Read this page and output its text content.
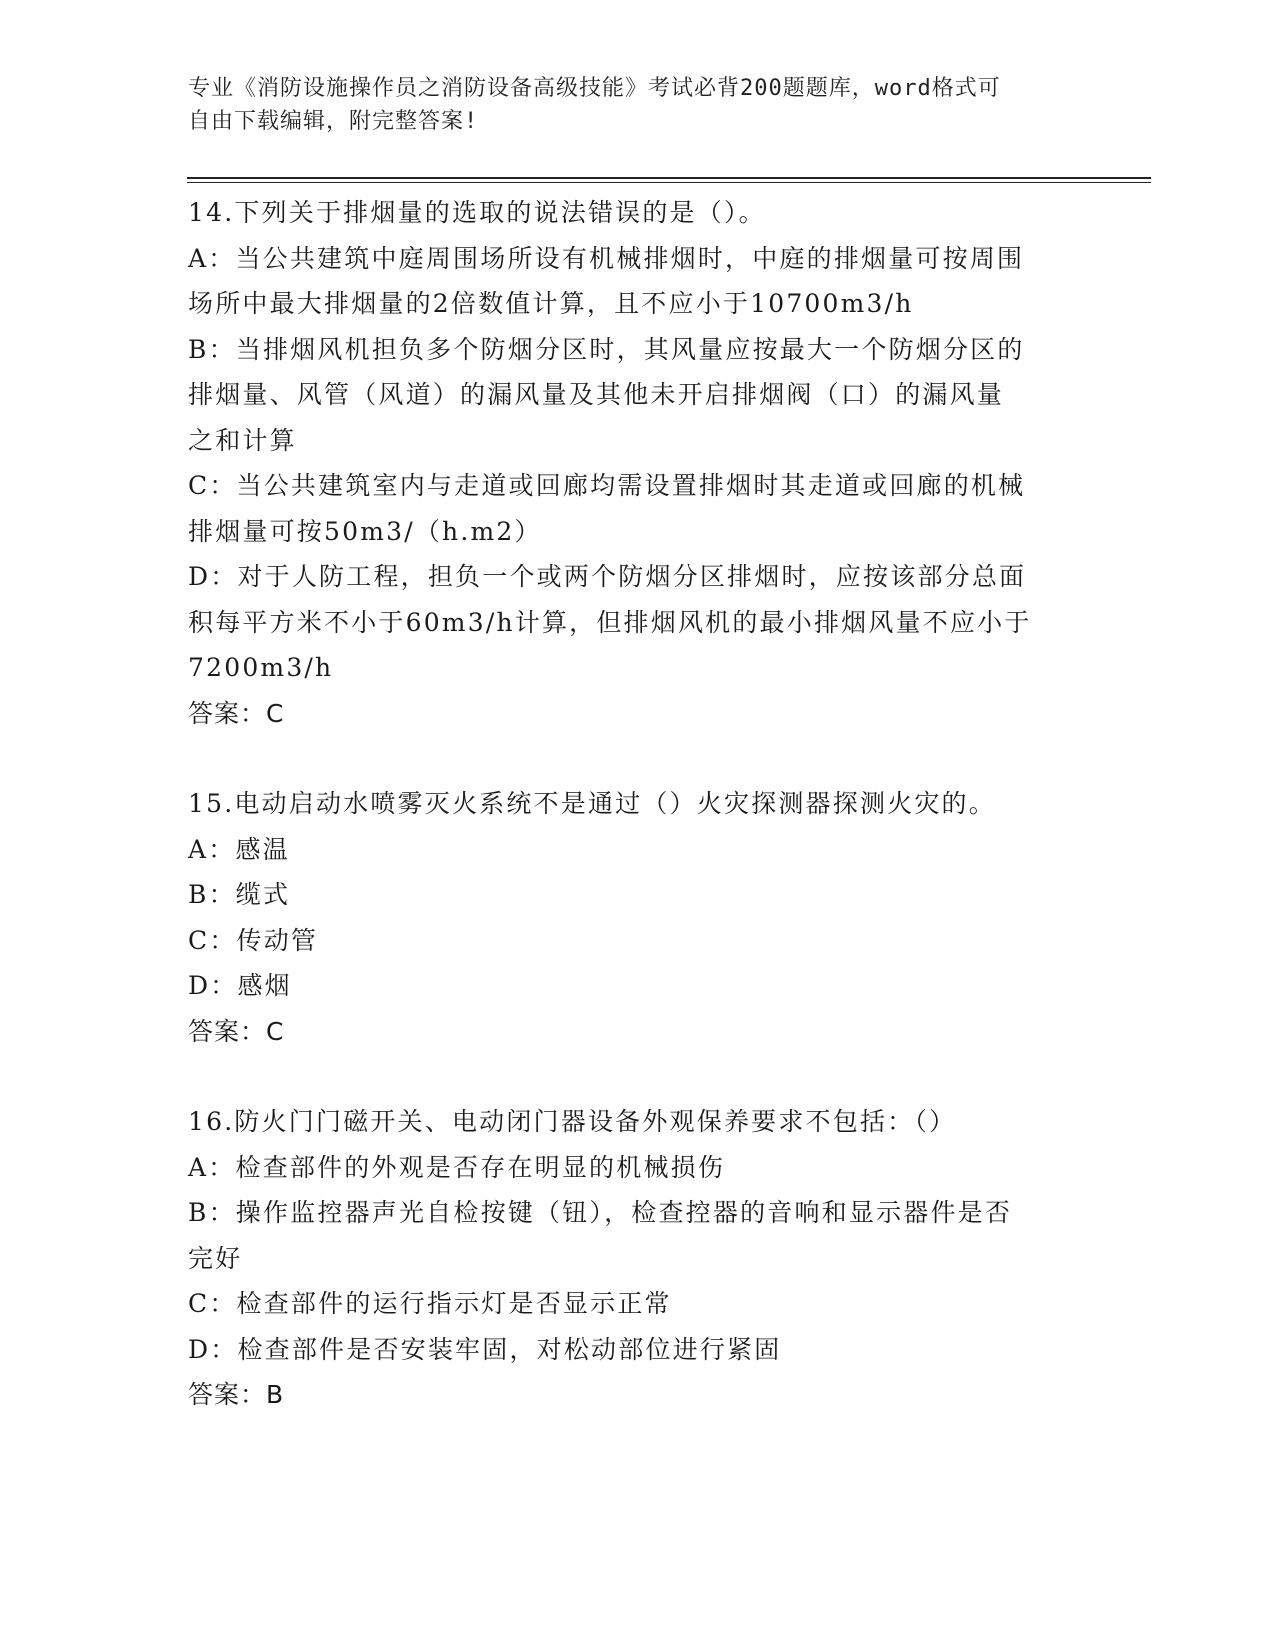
专业《消防设施操作员之消防设备高级技能》考试必背200题题库，word格式可
自由下载编辑，附完整答案!
14.下列关于排烟量的选取的说法错误的是（）。
A：当公共建筑中庭周围场所设有机械排烟时，中庭的排烟量可按周围
场所中最大排烟量的2倍数值计算，且不应小于10700m3/h
B：当排烟风机担负多个防烟分区时，其风量应按最大一个防烟分区的
排烟量、风管（风道）的漏风量及其他未开启排烟阀（口）的漏风量
之和计算
C：当公共建筑室内与走道或回廊均需设置排烟时其走道或回廊的机械
排烟量可按50m3/（h.m2）
D：对于人防工程，担负一个或两个防烟分区排烟时，应按该部分总面
积每平方米不小于60m3/h计算，但排烟风机的最小排烟风量不应小于
7200m3/h
答案：C
15.电动启动水喷雾灭火系统不是通过（）火灾探测器探测火灾的。
A：感温
B：缆式
C：传动管
D：感烟
答案：C
16.防火门门磁开关、电动闭门器设备外观保养要求不包括：（）
A：检查部件的外观是否存在明显的机械损伤
B：操作监控器声光自检按键（钮），检查控器的音响和显示器件是否
完好
C：检查部件的运行指示灯是否显示正常
D：检查部件是否安装牢固，对松动部位进行紧固
答案：B
